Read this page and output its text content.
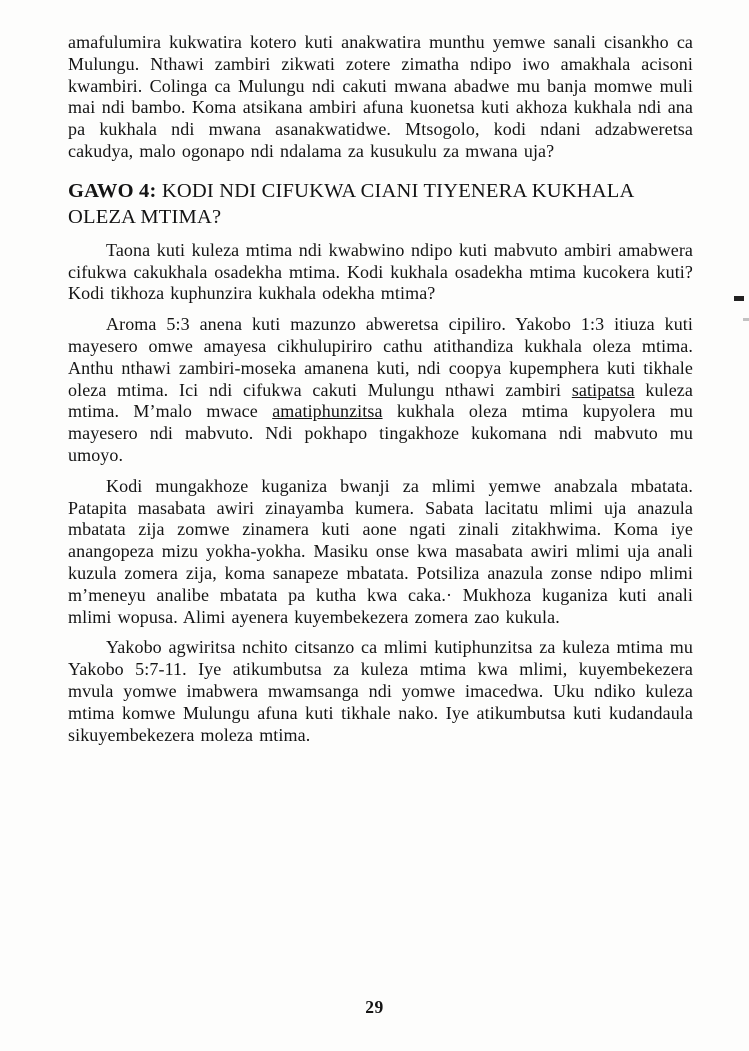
amafulumira kukwatira kotero kuti anakwatira munthu yemwe sanali cisankho ca Mulungu. Nthawi zambiri zikwati zotere zimatha ndipo iwo amakhala acisoni kwambiri. Colinga ca Mulungu ndi cakuti mwana abadwe mu banja momwe muli mai ndi bambo. Koma atsikana ambiri afuna kuonetsa kuti akhoza kukhala ndi ana pa kukhala ndi mwana asanakwatidwe. Mtsogolo, kodi ndani adzabweretsa cakudya, malo ogonapo ndi ndalama za kusukulu za mwana uja?

GAWO 4: KODI NDI CIFUKWA CIANI TIYENERA KUKHALA OLEZA MTIMA?

Taona kuti kuleza mtima ndi kwabwino ndipo kuti mabvuto ambiri amabwera cifukwa cakukhala osadekha mtima. Kodi kukhala osadekha mtima kucokera kuti? Kodi tikhoza kuphunzira kukhala odekha mtima?

Aroma 5:3 anena kuti mazunzo abweretsa cipiliro. Yakobo 1:3 itiuza kuti mayesero omwe amayesa cikhulupiriro cathu atithandiza kukhala oleza mtima. Anthu nthawi zambiri-moseka amanena kuti, ndi coopya kupemphera kuti tikhale oleza mtima. Ici ndi cifukwa cakuti Mulungu nthawi zambiri satipatsa kuleza mtima. M’malo mwace amatiphunzitsa kukhala oleza mtima kupyolera mu mayesero ndi mabvuto. Ndi pokhapo tingakhoze kukomana ndi mabvuto mu umoyo.

Kodi mungakhoze kuganiza bwanji za mlimi yemwe anabzala mbatata. Patapita masabata awiri zinayamba kumera. Sabata lacitatu mlimi uja anazula mbatata zija zomwe zinamera kuti aone ngati zinali zitakhwima. Koma iye anangopeza mizu yokha-yokha. Masiku onse kwa masabata awiri mlimi uja anali kuzula zomera zija, koma sanapeze mbatata. Potsiliza anazula zonse ndipo mlimi m’meneyu analibe mbatata pa kutha kwa caka.· Mukhoza kuganiza kuti anali mlimi wopusa. Alimi ayenera kuyembekezera zomera zao kukula.

Yakobo agwiritsa nchito citsanzo ca mlimi kutiphunzitsa za kuleza mtima mu Yakobo 5:7-11. Iye atikumbutsa za kuleza mtima kwa mlimi, kuyembekezera mvula yomwe imabwera mwamsanga ndi yomwe imacedwa. Uku ndiko kuleza mtima komwe Mulungu afuna kuti tikhale nako. Iye atikumbutsa kuti kudandaula sikuyembekezera moleza mtima.

29
